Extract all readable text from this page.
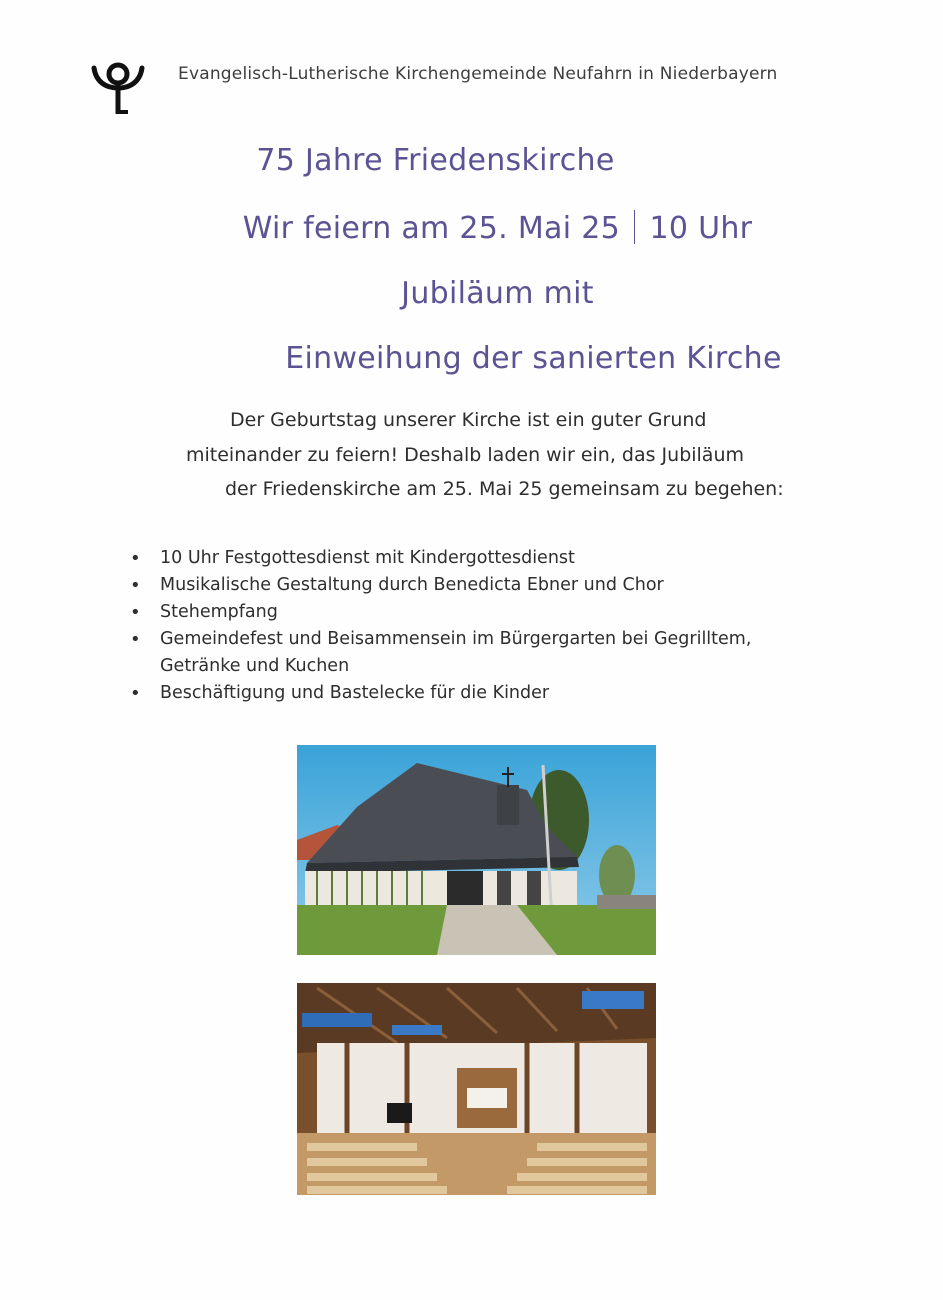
Evangelisch-Lutherische Kirchengemeinde Neufahrn in Niederbayern
75 Jahre Friedenskirche
Wir feiern am 25. Mai 25 10 Uhr
Jubiläum mit
Einweihung der sanierten Kirche
Der Geburtstag unserer Kirche ist ein guter Grund
miteinander zu feiern! Deshalb laden wir ein, das Jubiläum
der Friedenskirche am 25. Mai 25 gemeinsam zu begehen:
• 10 Uhr Festgottesdienst mit Kindergottesdienst
• Musikalische Gestaltung durch Benedicta Ebner und Chor
• Stehempfang
• Gemeindefest und Beisammensein im Bürgergarten bei Gegrilltem, Getränke und Kuchen
• Beschäftigung und Bastelecke für die Kinder
